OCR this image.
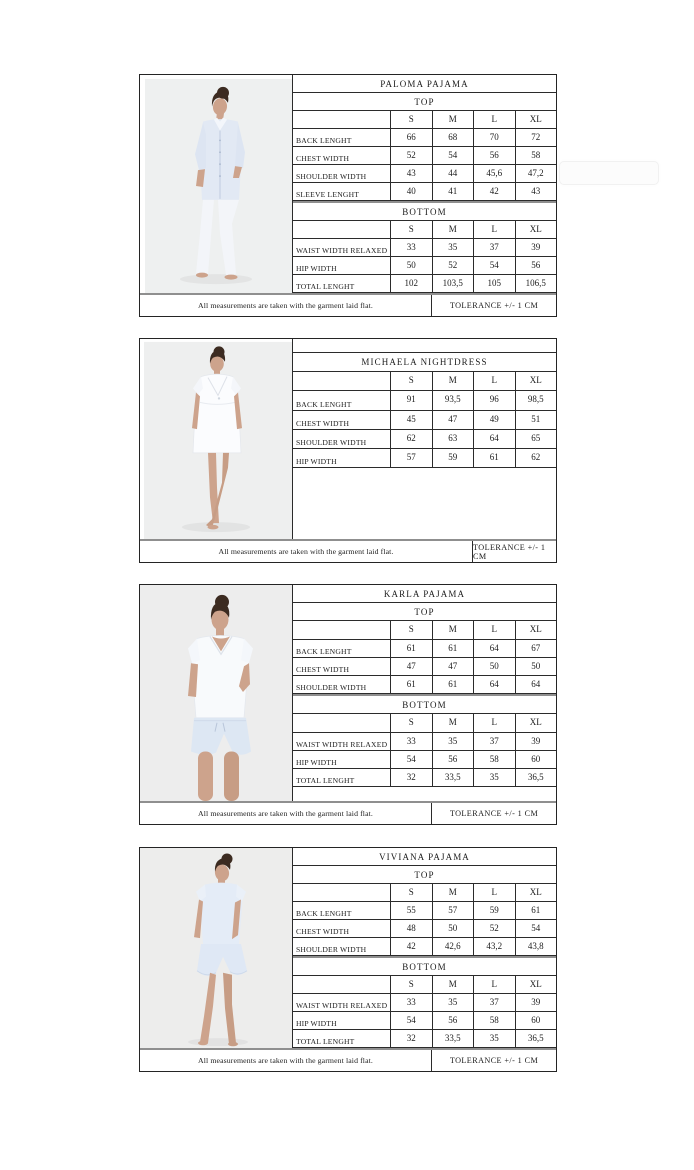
PALOMA PAJAMA
TOP
S	M	L	XL
BACK LENGHT	66	68	70	72
CHEST WIDTH	52	54	56	58
SHOULDER WIDTH	43	44	45,6	47,2
SLEEVE LENGHT	40	41	42	43
BOTTOM
S	M	L	XL
WAIST WIDTH RELAXED	33	35	37	39
HIP WIDTH	50	52	54	56
TOTAL LENGHT	102	103,5	105	106,5
All measurements are taken with the garment laid flat.	TOLERANCE +/- 1 CM
MICHAELA NIGHTDRESS
S	M	L	XL
BACK LENGHT	91	93,5	96	98,5
CHEST WIDTH	45	47	49	51
SHOULDER WIDTH	62	63	64	65
HIP WIDTH	57	59	61	62
All measurements are taken with the garment laid flat.	TOLERANCE +/- 1 CM
KARLA PAJAMA
TOP
S	M	L	XL
BACK LENGHT	61	61	64	67
CHEST WIDTH	47	47	50	50
SHOULDER WIDTH	61	61	64	64
BOTTOM
S	M	L	XL
WAIST WIDTH RELAXED	33	35	37	39
HIP WIDTH	54	56	58	60
TOTAL LENGHT	32	33,5	35	36,5
All measurements are taken with the garment laid flat.	TOLERANCE +/- 1 CM
VIVIANA PAJAMA
TOP
S	M	L	XL
BACK LENGHT	55	57	59	61
CHEST WIDTH	48	50	52	54
SHOULDER WIDTH	42	42,6	43,2	43,8
BOTTOM
S	M	L	XL
WAIST WIDTH RELAXED	33	35	37	39
HIP WIDTH	54	56	58	60
TOTAL LENGHT	32	33,5	35	36,5
All measurements are taken with the garment laid flat.	TOLERANCE +/- 1 CM
